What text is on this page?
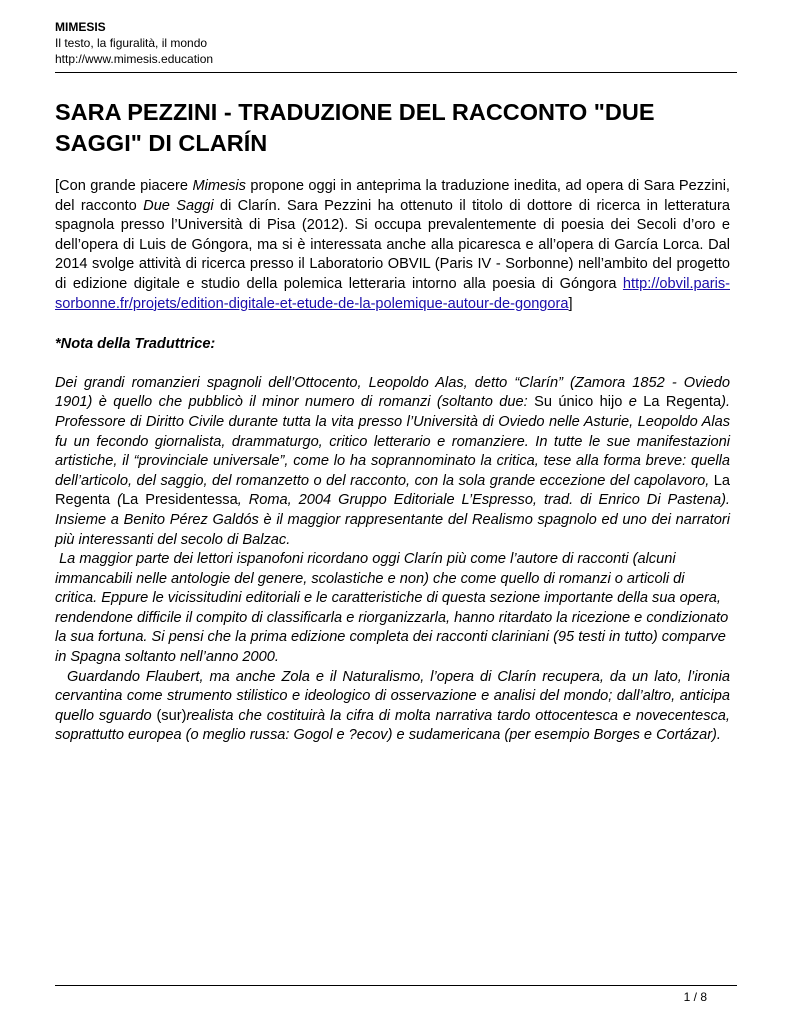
MIMESIS
Il testo, la figuralità, il mondo
http://www.mimesis.education
SARA PEZZINI - TRADUZIONE DEL RACCONTO "DUE SAGGI" DI CLARÍN

[Con grande piacere Mimesis propone oggi in anteprima la traduzione inedita, ad opera di Sara Pezzini, del racconto Due Saggi di Clarín. Sara Pezzini ha ottenuto il titolo di dottore di ricerca in letteratura spagnola presso l’Università di Pisa (2012). Si occupa prevalentemente di poesia dei Secoli d’oro e dell’opera di Luis de Góngora, ma si è interessata anche alla picaresca e all’opera di García Lorca. Dal 2014 svolge attività di ricerca presso il Laboratorio OBVIL (Paris IV - Sorbonne) nell’ambito del progetto di edizione digitale e studio della polemica letteraria intorno alla poesia di Góngora http://obvil.paris-sorbonne.fr/projets/edition-digitale-et-etude-de-la-polemique-autour-de-gongora]

*Nota della Traduttrice:

Dei grandi romanzieri spagnoli dell’Ottocento, Leopoldo Alas, detto “Clarín” (Zamora 1852 - Oviedo 1901) è quello che pubblicò il minor numero di romanzi (soltanto due: Su único hijo e La Regenta). Professore di Diritto Civile durante tutta la vita presso l’Università di Oviedo nelle Asturie, Leopoldo Alas fu un fecondo giornalista, drammaturgo, critico letterario e romanziere. In tutte le sue manifestazioni artistiche, il “provinciale universale”, come lo ha soprannominato la critica, tese alla forma breve: quella dell’articolo, del saggio, del romanzetto o del racconto, con la sola grande eccezione del capolavoro, La Regenta (La Presidentessa, Roma, 2004 Gruppo Editoriale L’Espresso, trad. di Enrico Di Pastena). Insieme a Benito Pérez Galdós è il maggior rappresentante del Realismo spagnolo ed uno dei narratori più interessanti del secolo di Balzac.

La maggior parte dei lettori ispanofoni ricordano oggi Clarín più come l’autore di racconti (alcuni immancabili nelle antologie del genere, scolastiche e non) che come quello di romanzi o articoli di critica. Eppure le vicissitudini editoriali e le caratteristiche di questa sezione importante della sua opera, rendendone difficile il compito di classificarla e riorganizzarla, hanno ritardato la ricezione e condizionato la sua fortuna. Si pensi che la prima edizione completa dei racconti clariniani (95 testi in tutto) comparve in Spagna soltanto nell’anno 2000.

Guardando Flaubert, ma anche Zola e il Naturalismo, l’opera di Clarín recupera, da un lato, l’ironia cervantina come strumento stilistico e ideologico di osservazione e analisi del mondo; dall’altro, anticipa quello sguardo (sur)realista che costituirà la cifra di molta narrativa tardo ottocentesca e novecentesca, soprattutto europea (o meglio russa: Gogol e ?ecov) e sudamericana (per esempio Borges e Cortázar).

1 / 8
